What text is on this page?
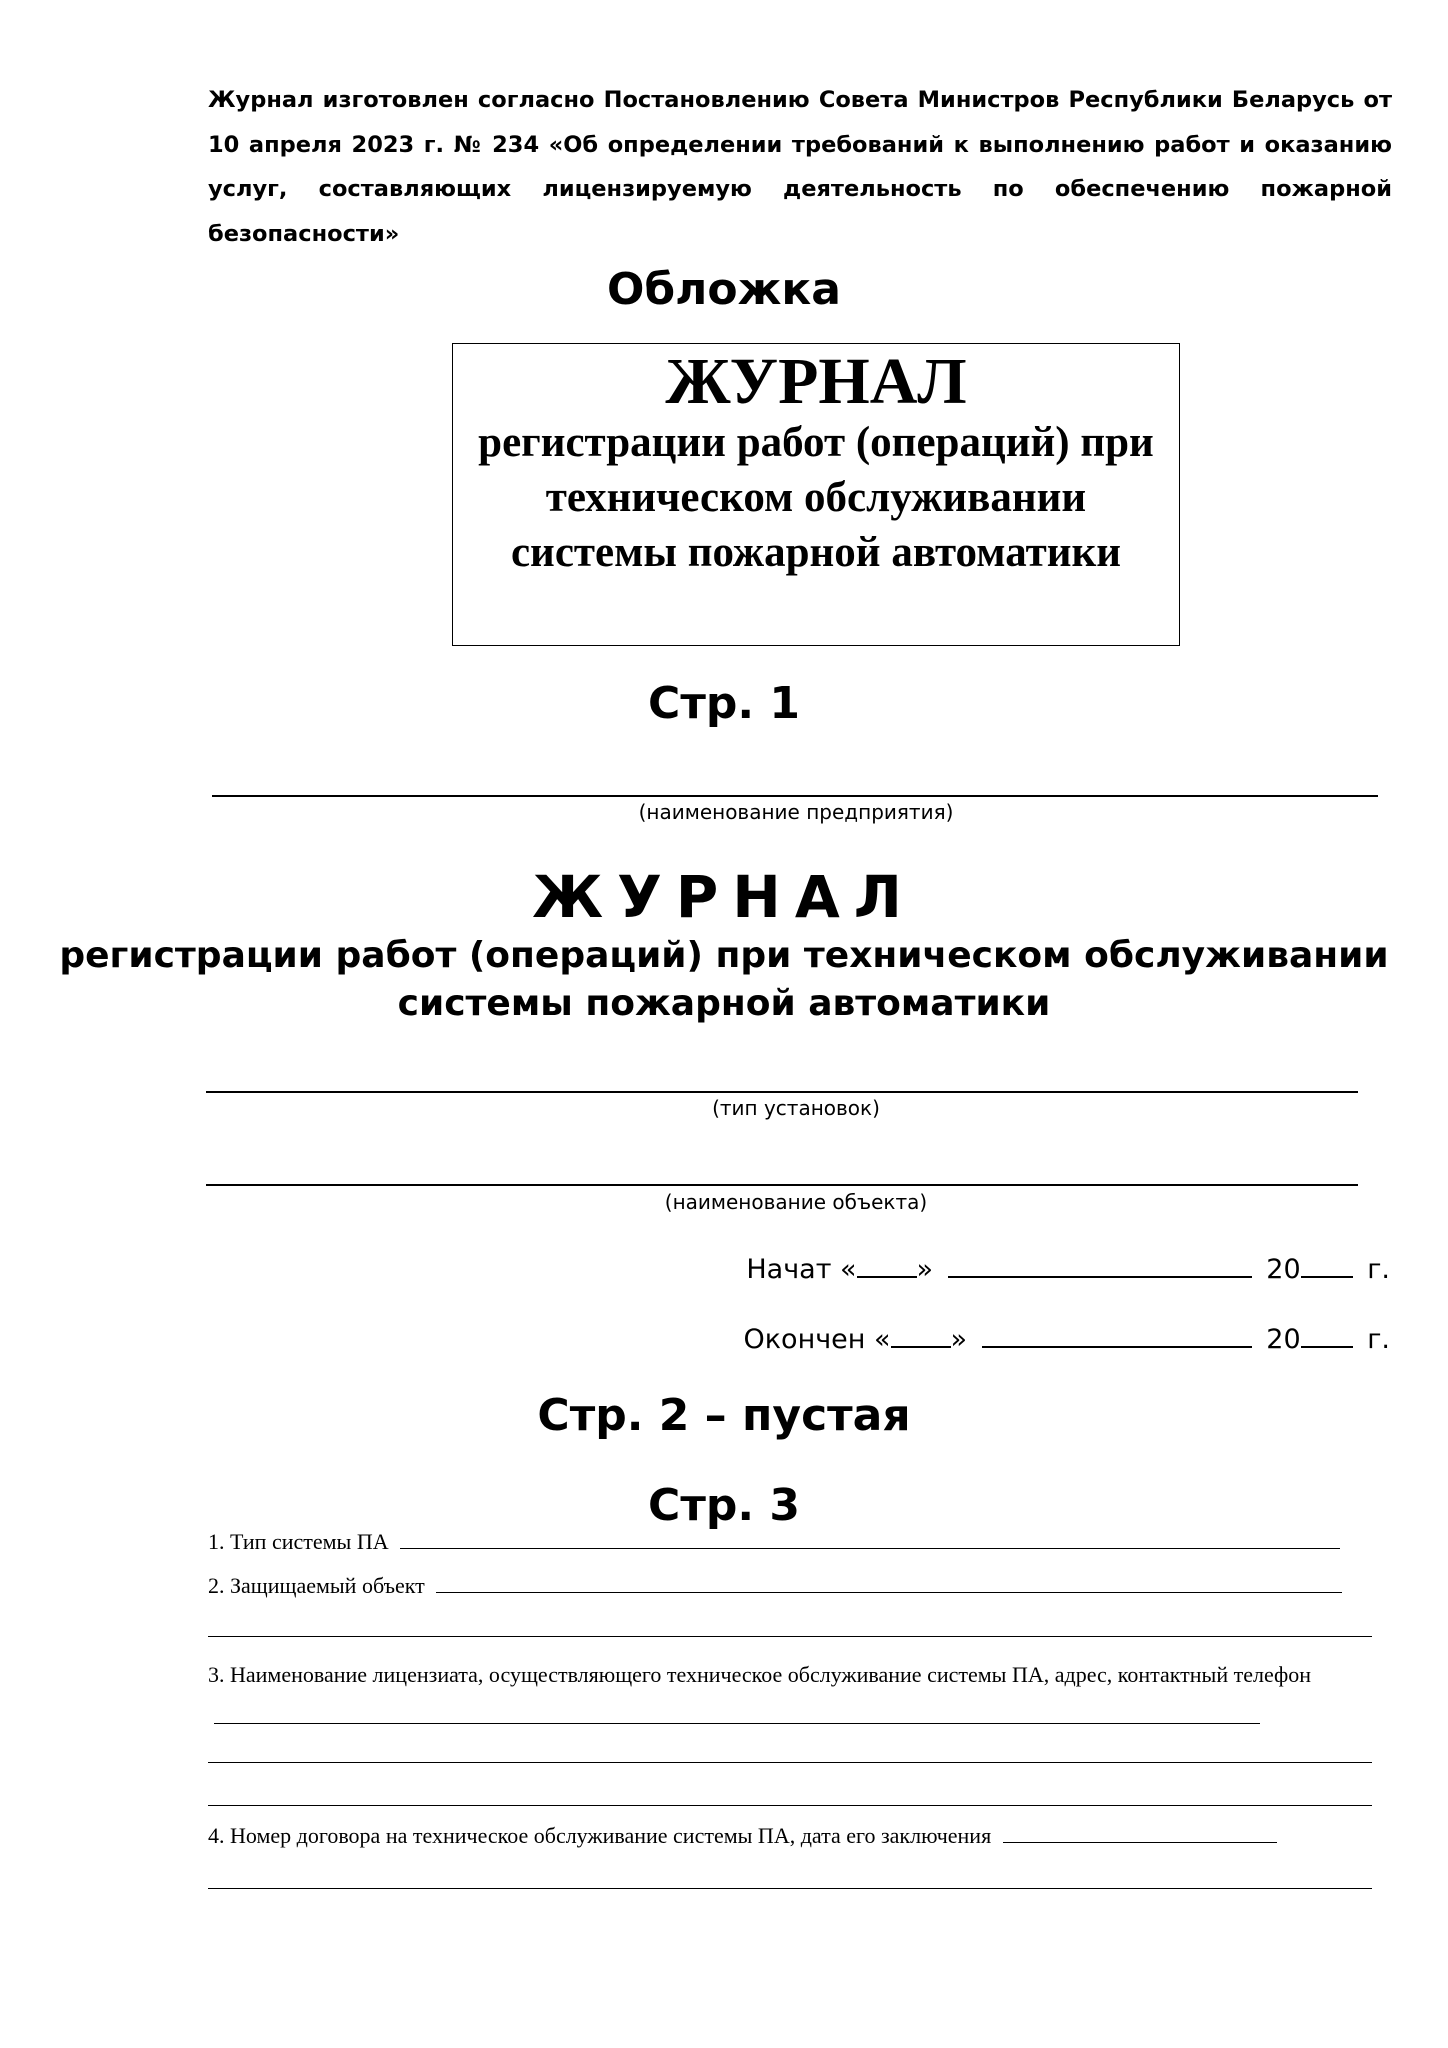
Журнал изготовлен согласно Постановлению Совета Министров Республики Беларусь от 10 апреля 2023 г. № 234 «Об определении требований к выполнению работ и оказанию услуг, составляющих лицензируемую деятельность по обеспечению пожарной безопасности»

Обложка
ЖУРНАЛ
регистрации работ (операций) при техническом обслуживании системы пожарной автоматики
Стр. 1

(наименование предприятия)

ЖУРНАЛ

регистрации работ (операций) при техническом обслуживании системы пожарной автоматики

(тип установок)

(наименование объекта)

Начат « »	20 г.
Окончен « »	20 г.
Стр. 2 – пустая
Стр. 3
1. Тип системы ПА
2. Защищаемый объект
3. Наименование лицензиата, осуществляющего техническое обслуживание системы ПА, адрес, контактный телефон
4. Номер договора на техническое обслуживание системы ПА, дата его заключения
